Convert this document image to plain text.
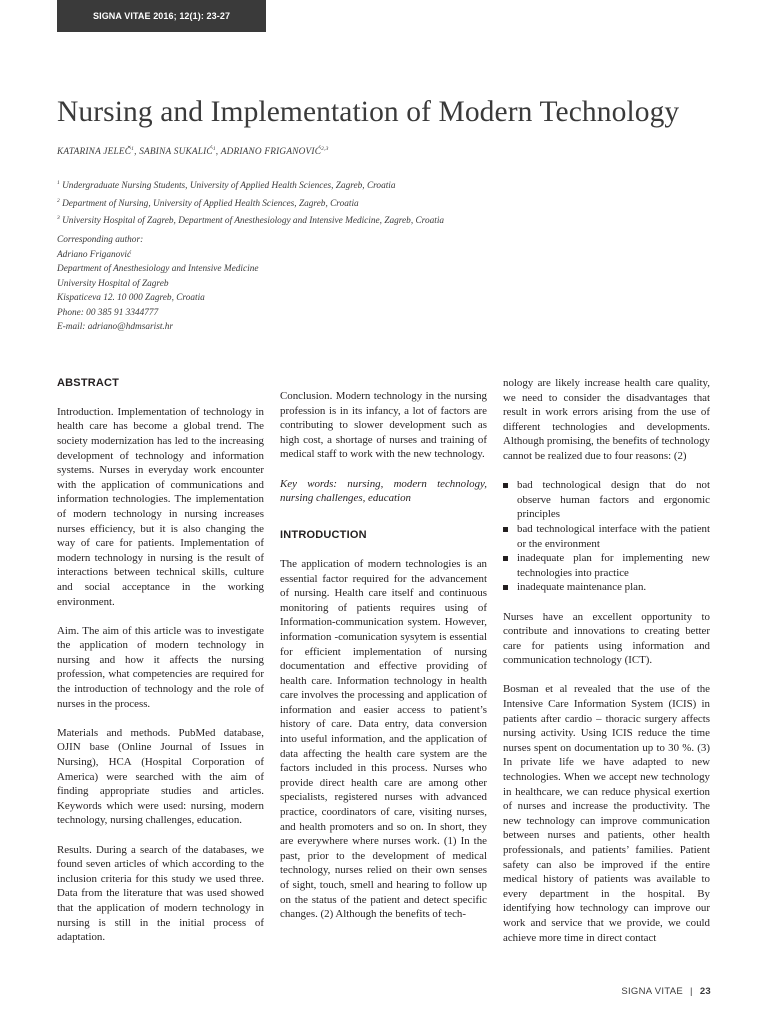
SIGNA VITAE 2016; 12(1): 23-27
Nursing and Implementation of Modern Technology
KATARINA JELEČ$^1$, SABINA SUKALIĆ$^1$, ADRIANO FRIGANOVIĆ$^{2,3}$
$^1$ Undergraduate Nursing Students, University of Applied Health Sciences, Zagreb, Croatia
$^2$ Department of Nursing, University of Applied Health Sciences, Zagreb, Croatia
$^3$ University Hospital of Zagreb, Department of Anesthesiology and Intensive Medicine, Zagreb, Croatia
Corresponding author:
Adriano Friganović
Department of Anesthesiology and Intensive Medicine
University Hospital of Zagreb
Kispaticeva 12. 10 000 Zagreb, Croatia
Phone: 00 385 91 3344777
E-mail: adriano@hdmsarist.hr
ABSTRACT

Introduction. Implementation of technology in health care has become a global trend. The society modernization has led to the increasing development of technology and information systems. Nurses in everyday work encounter with the application of communications and information technologies. The implementation of modern technology in nursing increases nurses efficiency, but it is also changing the way of care for patients. Implementation of modern technology in nursing is the result of interactions between technical skills, culture and social acceptance in the working environment.

Aim. The aim of this article was to investigate the application of modern technology in nursing and how it affects the nursing profession, what competencies are required for the introduction of technology and the role of nurses in the process.

Materials and methods. PubMed database, OJIN base (Online Journal of Issues in Nursing), HCA (Hospital Corporation of America) were searched with the aim of finding appropriate studies and articles. Keywords which were used: nursing, modern technology, nursing challenges, education.

Results. During a search of the databases, we found seven articles of which according to the inclusion criteria for this study we used three. Data from the literature that was used showed that the application of modern technology in nursing is still in the initial process of adaptation.

Conclusion. Modern technology in the nursing profession is in its infancy, a lot of factors are contributing to slower development such as high cost, a shortage of nurses and training of medical staff to work with the new technology.

Key words: nursing, modern technology, nursing challenges, education

INTRODUCTION

The application of modern technologies is an essential factor required for the advancement of nursing. Health care itself and continuous monitoring of patients requires using of Information-communication system. However, information -comunication sysytem is essential for efficient implementation of nursing documentation and effective providing of health care. Information technology in health care involves the processing and application of information and easier access to patient’s history of care. Data entry, data conversion into useful information, and the application of data affecting the health care system are the factors included in this process. Nurses who provide direct health care are among other specialists, registered nurses with advanced practice, coordinators of care, visiting nurses, and health promoters and so on. In short, they are everywhere where nurses work. (1) In the past, prior to the development of medical technology, nurses relied on their own senses of sight, touch, smell and hearing to follow up on the status of the patient and detect specific changes. (2) Although the benefits of tech-

nology are likely increase health care quality, we need to consider the disadvantages that result in work errors arising from the use of different technologies and developments. Although promising, the benefits of technology cannot be realized due to four reasons: (2)

bad technological design that do not observe human factors and ergonomic principles
bad technological interface with the patient or the environment
inadequate plan for implementing new technologies into practice
inadequate maintenance plan.

Nurses have an excellent opportunity to contribute and innovations to creating better care for patients using information and communication technology (ICT).

Bosman et al revealed that the use of the Intensive Care Information System (ICIS) in patients after cardio – thoracic surgery affects nursing activity. Using ICIS reduce the time nurses spent on documentation up to 30 %. (3) In private life we have adapted to new technologies. When we accept new technology in healthcare, we can reduce physical exertion of nurses and increase the productivity. The new technology can improve communication between nurses and patients, other health professionals, and patients’ families. Patient safety can also be improved if the entire medical history of patients was available to every department in the hospital. By identifying how technology can improve our work and service that we provide, we could achieve more time in direct contact

SIGNA VITAE | 23
